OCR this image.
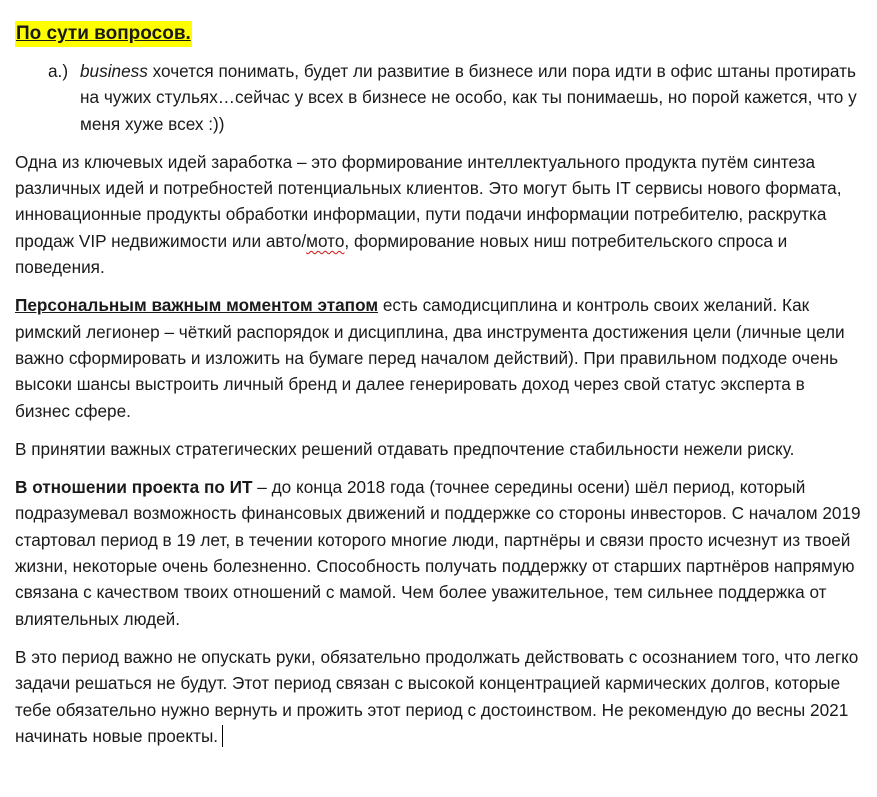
По сути вопросов.
a.) business хочется понимать, будет ли развитие в бизнесе или пора идти в офис штаны протирать на чужих стульях…сейчас у всех в бизнесе не особо, как ты понимаешь, но порой кажется, что у меня хуже всех :))

Одна из ключевых идей заработка – это формирование интеллектуального продукта путём синтеза различных идей и потребностей потенциальных клиентов. Это могут быть IT сервисы нового формата, инновационные продукты обработки информации, пути подачи информации потребителю, раскрутка продаж VIP недвижимости или авто/мото, формирование новых ниш потребительского спроса и поведения.

Персональным важным моментом этапом есть самодисциплина и контроль своих желаний. Как римский легионер – чёткий распорядок и дисциплина, два инструмента достижения цели (личные цели важно сформировать и изложить на бумаге перед началом действий). При правильном подходе очень высоки шансы выстроить личный бренд и далее генерировать доход через свой статус эксперта в бизнес сфере.

В принятии важных стратегических решений отдавать предпочтение стабильности нежели риску.

В отношении проекта по ИТ – до конца 2018 года (точнее середины осени) шёл период, который подразумевал возможность финансовых движений и поддержке со стороны инвесторов. С началом 2019 стартовал период в 19 лет, в течении которого многие люди, партнёры и связи просто исчезнут из твоей жизни, некоторые очень болезненно. Способность получать поддержку от старших партнёров напрямую связана с качеством твоих отношений с мамой. Чем более уважительное, тем сильнее поддержка от влиятельных людей.

В это период важно не опускать руки, обязательно продолжать действовать с осознанием того, что легко задачи решаться не будут. Этот период связан с высокой концентрацией кармических долгов, которые тебе обязательно нужно вернуть и прожить этот период с достоинством. Не рекомендую до весны 2021 начинать новые проекты.
